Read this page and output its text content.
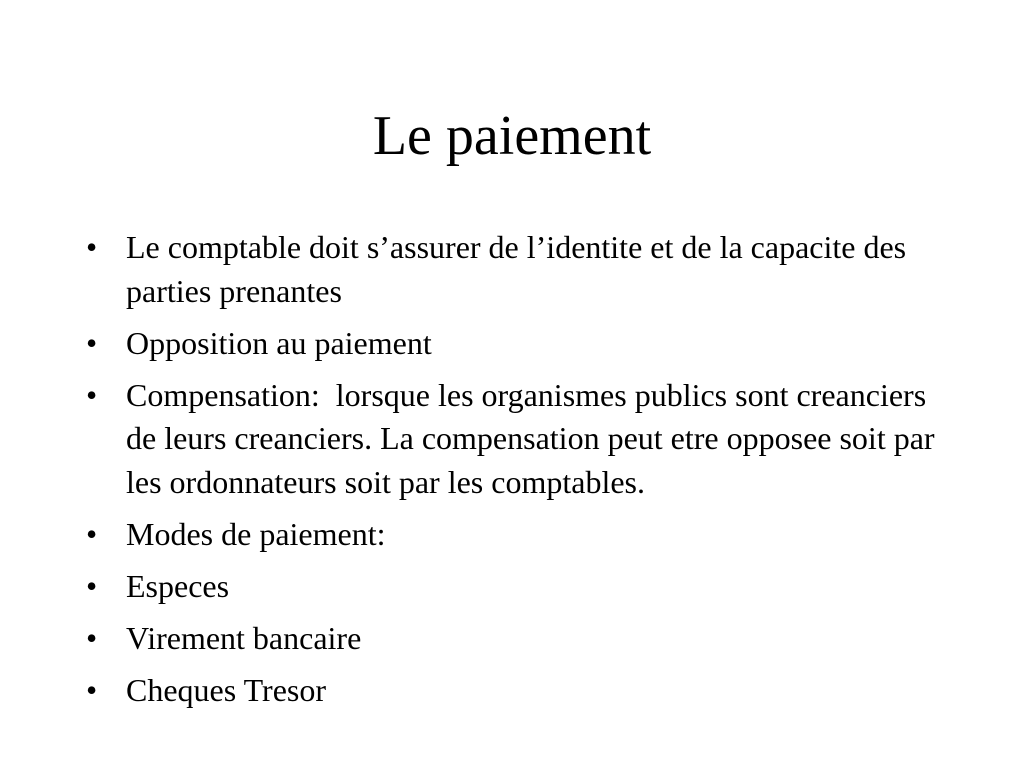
Le paiement
• Le comptable doit s’assurer de l’identite et de la capacite des parties prenantes
• Opposition au paiement
• Compensation:  lorsque les organismes publics sont creanciers de leurs creanciers. La compensation peut etre opposee soit par les ordonnateurs soit par les comptables.
• Modes de paiement:
• Especes
• Virement bancaire
• Cheques Tresor
